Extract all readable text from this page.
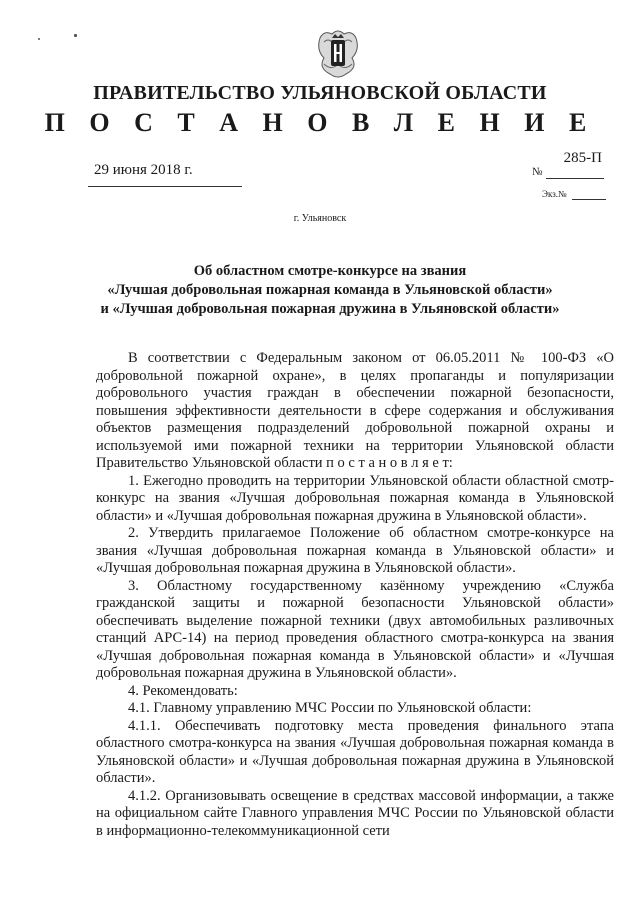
ПРАВИТЕЛЬСТВО УЛЬЯНОВСКОЙ ОБЛАСТИ
П О С Т А Н О В Л Е Н И Е
29 июня 2018 г.
285-П
№
Экз.№
г. Ульяновск
Об областном смотре-конкурсе на звания
«Лучшая добровольная пожарная команда в Ульяновской области»
и «Лучшая добровольная пожарная дружина в Ульяновской области»

В соответствии с Федеральным законом от 06.05.2011 № 100-ФЗ «О добровольной пожарной охране», в целях пропаганды и популяризации добровольного участия граждан в обеспечении пожарной безопасности, повышения эффективности деятельности в сфере содержания и обслуживания объектов размещения подразделений добровольной пожарной охраны и используемой ими пожарной техники на территории Ульяновской области Правительство Ульяновской области п о с т а н о в л я е т:

1. Ежегодно проводить на территории Ульяновской области областной смотр-конкурс на звания «Лучшая добровольная пожарная команда в Ульяновской области» и «Лучшая добровольная пожарная дружина в Ульяновской области».

2. Утвердить прилагаемое Положение об областном смотре-конкурсе на звания «Лучшая добровольная пожарная команда в Ульяновской области» и «Лучшая добровольная пожарная дружина в Ульяновской области».

3. Областному государственному казённому учреждению «Служба гражданской защиты и пожарной безопасности Ульяновской области» обеспечивать выделение пожарной техники (двух автомобильных разливочных станций АРС-14) на период проведения областного смотра-конкурса на звания «Лучшая добровольная пожарная команда в Ульяновской области» и «Лучшая добровольная пожарная дружина в Ульяновской области».

4. Рекомендовать:

4.1. Главному управлению МЧС России по Ульяновской области:

4.1.1. Обеспечивать подготовку места проведения финального этапа областного смотра-конкурса на звания «Лучшая добровольная пожарная команда в Ульяновской области» и «Лучшая добровольная пожарная дружина в Ульяновской области».

4.1.2. Организовывать освещение в средствах массовой информации, а также на официальном сайте Главного управления МЧС России по Ульяновской области в информационно-телекоммуникационной сети
